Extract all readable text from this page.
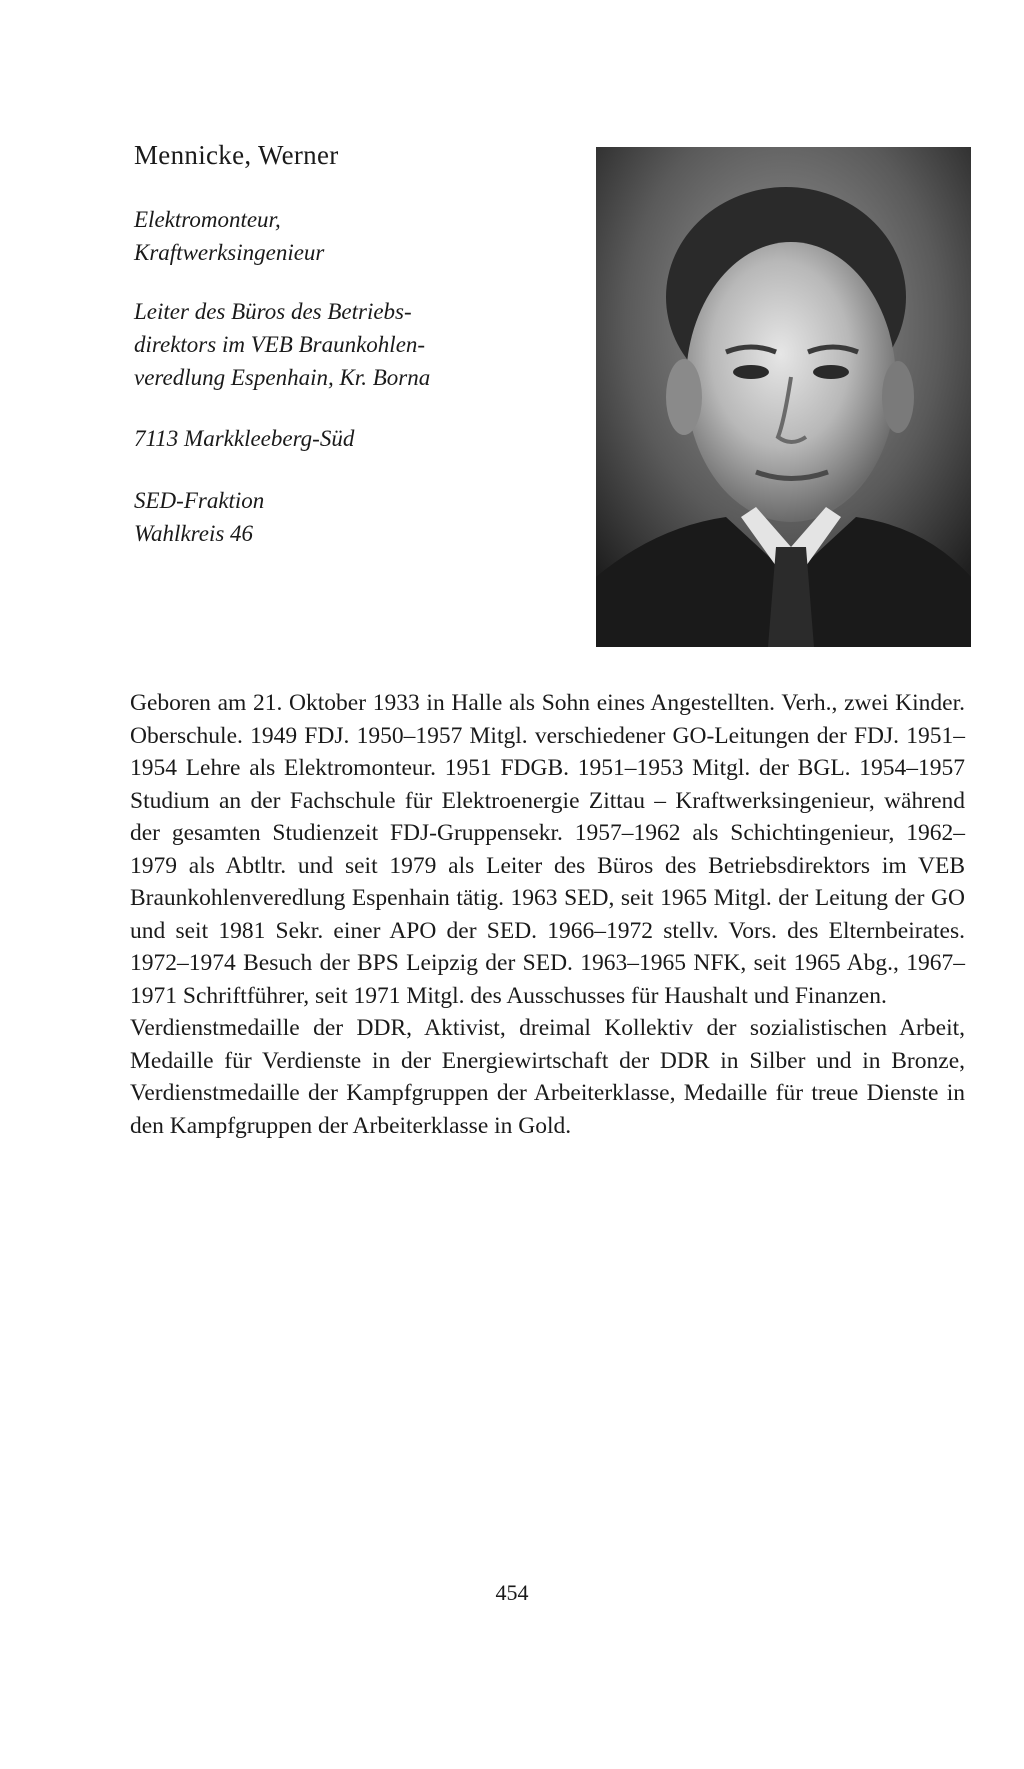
Mennicke, Werner
Elektromonteur,
Kraftwerksingenieur
Leiter des Büros des Betriebs-
direktors im VEB Braunkohlen-
veredlung Espenhain, Kr. Borna
7113 Markkleeberg-Süd
SED-Fraktion
Wahlkreis 46

Geboren am 21. Oktober 1933 in Halle als Sohn eines Angestellten. Verh., zwei Kinder. Oberschule. 1949 FDJ. 1950–1957 Mitgl. verschiedener GO-Leitungen der FDJ. 1951–1954 Lehre als Elektromonteur. 1951 FDGB. 1951–1953 Mitgl. der BGL. 1954–1957 Studium an der Fachschule für Elektroenergie Zittau – Kraftwerksingenieur, während der gesamten Studienzeit FDJ-Gruppensekr. 1957–1962 als Schichtingenieur, 1962–1979 als Abtltr. und seit 1979 als Leiter des Büros des Betriebsdirektors im VEB Braunkohlenveredlung Espenhain tätig. 1963 SED, seit 1965 Mitgl. der Leitung der GO und seit 1981 Sekr. einer APO der SED. 1966–1972 stellv. Vors. des Elternbeirates. 1972–1974 Besuch der BPS Leipzig der SED. 1963–1965 NFK, seit 1965 Abg., 1967–1971 Schriftführer, seit 1971 Mitgl. des Ausschusses für Haushalt und Finanzen.

Verdienstmedaille der DDR, Aktivist, dreimal Kollektiv der sozialistischen Arbeit, Medaille für Verdienste in der Energiewirtschaft der DDR in Silber und in Bronze, Verdienstmedaille der Kampfgruppen der Arbeiterklasse, Medaille für treue Dienste in den Kampfgruppen der Arbeiterklasse in Gold.

454
